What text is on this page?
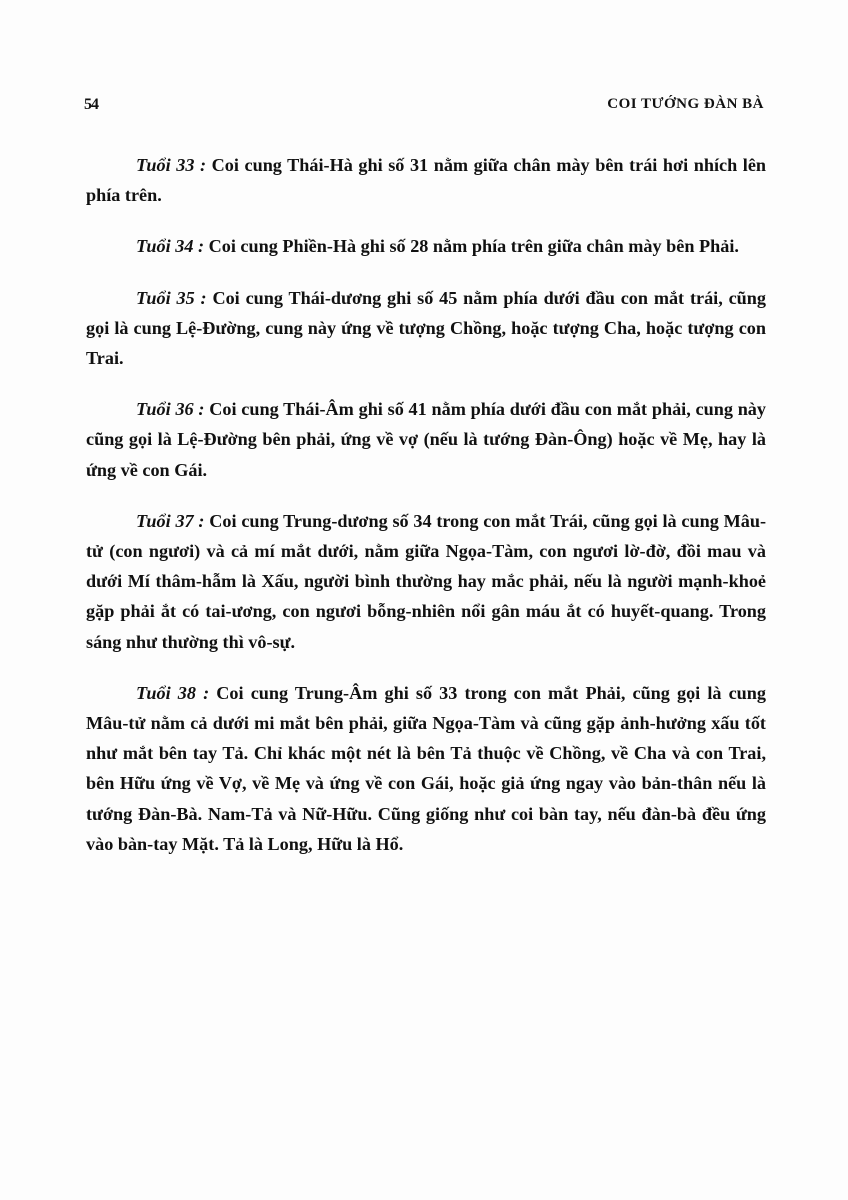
54	COI TƯỚNG ĐÀN BÀ

Tuổi 33 : Coi cung Thái-Hà ghi số 31 nằm giữa chân mày bên trái hơi nhích lên phía trên.

Tuổi 34 : Coi cung Phiền-Hà ghi số 28 nằm phía trên giữa chân mày bên Phải.

Tuổi 35 : Coi cung Thái-dương ghi số 45 nằm phía dưới đầu con mắt trái, cũng gọi là cung Lệ-Đường, cung này ứng về tượng Chồng, hoặc tượng Cha, hoặc tượng con Trai.

Tuổi 36 : Coi cung Thái-Âm ghi số 41 nằm phía dưới đầu con mắt phải, cung này cũng gọi là Lệ-Đường bên phải, ứng về vợ (nếu là tướng Đàn-Ông) hoặc về Mẹ, hay là ứng về con Gái.

Tuổi 37 : Coi cung Trung-dương số 34 trong con mắt Trái, cũng gọi là cung Mâu-tử (con ngươi) và cả mí mắt dưới, nằm giữa Ngọa-Tàm, con ngươi lờ-đờ, đồi mau và dưới Mí thâm-hẫm là Xấu, người bình thường hay mắc phải, nếu là người mạnh-khoẻ gặp phải ắt có tai-ương, con ngươi bỗng-nhiên nổi gân máu ắt có huyết-quang. Trong sáng như thường thì vô-sự.

Tuổi 38 : Coi cung Trung-Âm ghi số 33 trong con mắt Phải, cũng gọi là cung Mâu-tử nằm cả dưới mi mắt bên phải, giữa Ngọa-Tàm và cũng gặp ảnh-hưởng xấu tốt như mắt bên tay Tả. Chỉ khác một nét là bên Tả thuộc về Chồng, về Cha và con Trai, bên Hữu ứng về Vợ, về Mẹ và ứng về con Gái, hoặc giả ứng ngay vào bản-thân nếu là tướng Đàn-Bà. Nam-Tả và Nữ-Hữu. Cũng giống như coi bàn tay, nếu đàn-bà đều ứng vào bàn-tay Mặt. Tả là Long, Hữu là Hổ.
